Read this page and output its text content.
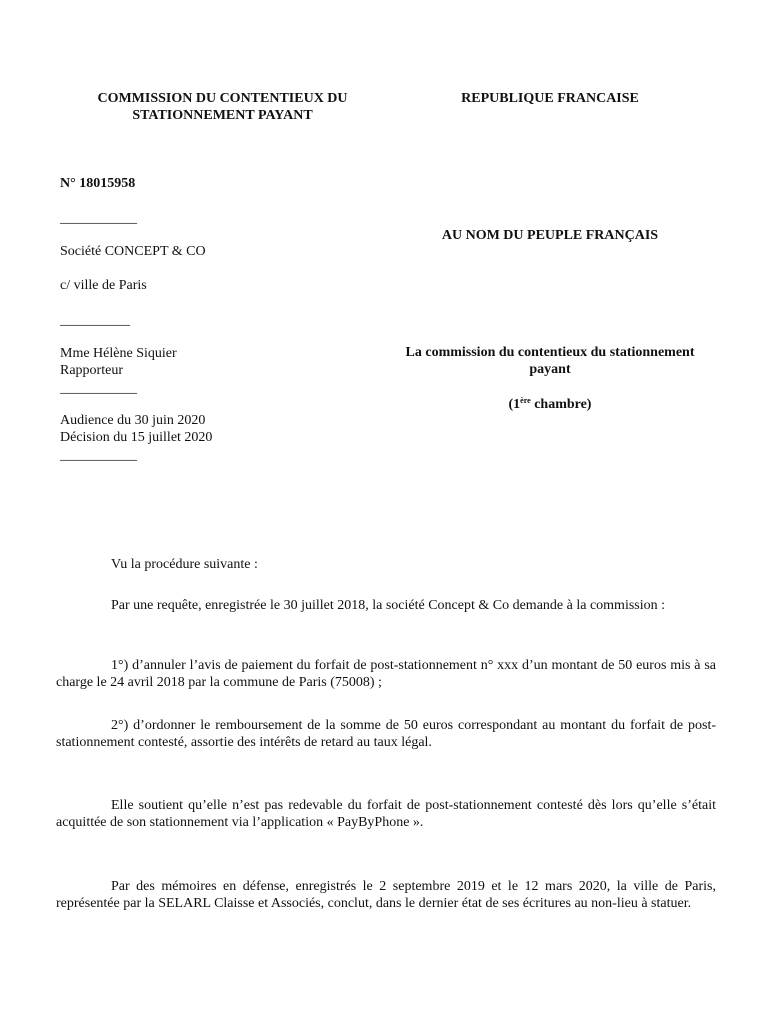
COMMISSION DU CONTENTIEUX DU
STATIONNEMENT PAYANT
REPUBLIQUE FRANCAISE
N° 18015958
___________
Société CONCEPT & CO
c/ ville de Paris
__________
Mme Hélène Siquier
Rapporteur
___________
Audience du 30 juin 2020
Décision du 15 juillet 2020
___________
AU NOM DU PEUPLE FRANÇAIS
La commission du contentieux du stationnement
payant
(1ère chambre)
Vu la procédure suivante :
Par une requête, enregistrée le 30 juillet 2018, la société Concept & Co demande à la commission :
1°) d’annuler l’avis de paiement du forfait de post-stationnement n° xxx d’un montant de 50 euros mis à sa charge le 24 avril 2018 par la commune de Paris (75008) ;
2°) d’ordonner le remboursement de la somme de 50 euros correspondant au montant du forfait de post-stationnement contesté, assortie des intérêts de retard au taux légal.
Elle soutient qu’elle n’est pas redevable du forfait de post-stationnement contesté dès lors qu’elle s’était acquittée de son stationnement via l’application « PayByPhone ».
Par des mémoires en défense, enregistrés le 2 septembre 2019 et le 12 mars 2020, la ville de Paris, représentée par la SELARL Claisse et Associés, conclut, dans le dernier état de ses écritures au non-lieu à statuer.
